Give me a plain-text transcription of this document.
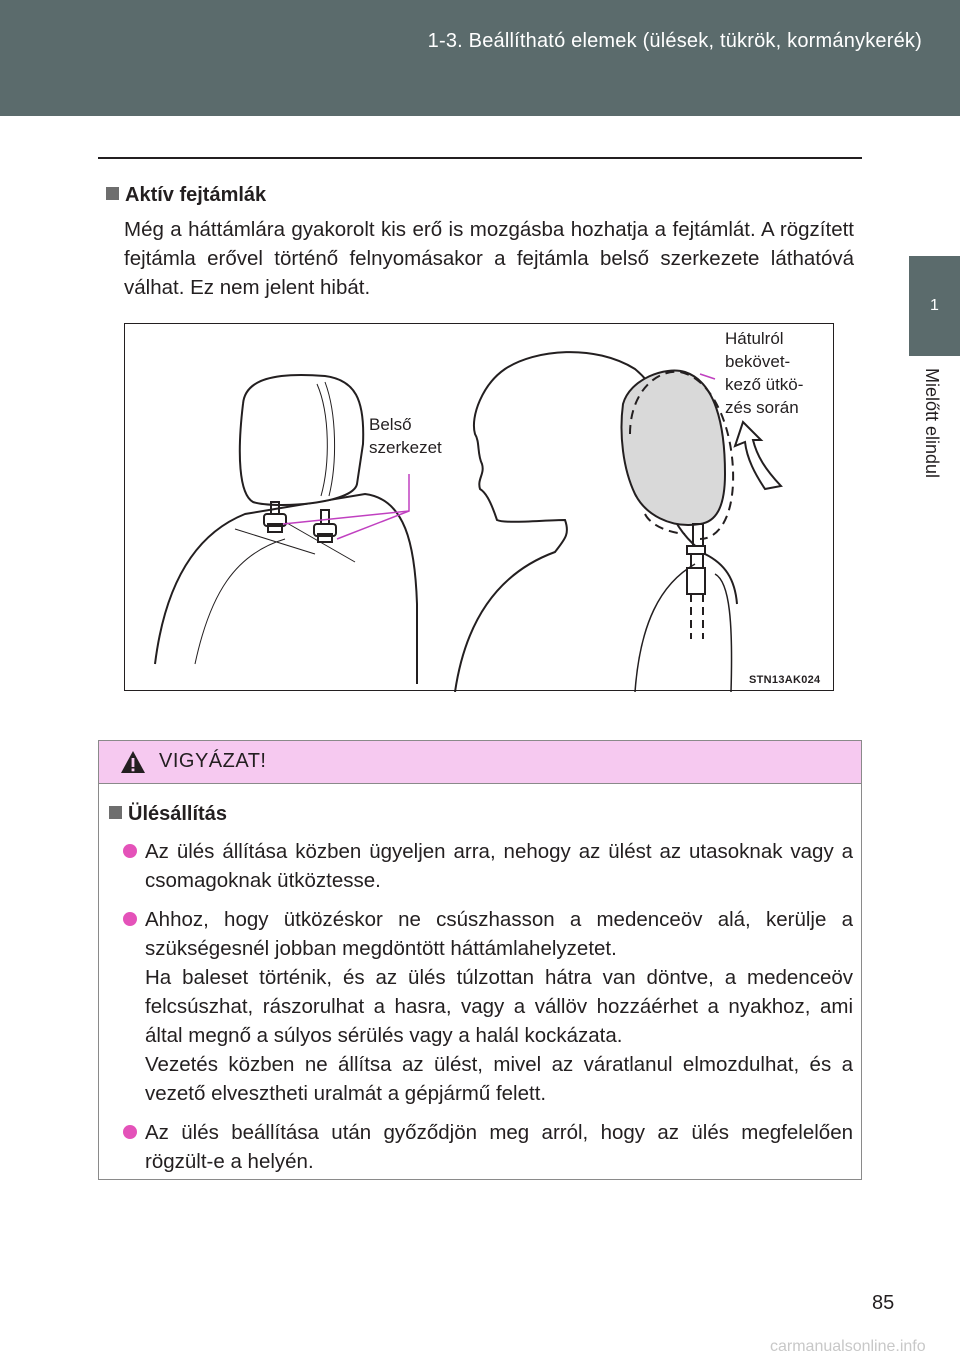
1-3. Beállítható elemek (ülések, tükrök, kormánykerék)
1
Mielőtt elindul
Aktív fejtámlák
Még a háttámlára gyakorolt kis erő is mozgásba hozhatja a fejtámlát. A rögzített fejtámla erővel történő felnyomásakor a fejtámla belső szerkezete láthatóvá válhat. Ez nem jelent hibát.
Belső
szerkezet
Hátulról
bekövet-
kező ütkö-
zés során
STN13AK024
VIGYÁZAT!
Ülésállítás

Az ülés állítása közben ügyeljen arra, nehogy az ülést az utasoknak vagy a csomagoknak ütköztesse.

Ahhoz, hogy ütközéskor ne csúszhasson a medenceöv alá, kerülje a szükségesnél jobban megdöntött háttámlahelyzetet.

Ha baleset történik, és az ülés túlzottan hátra van döntve, a medenceöv felcsúszhat, rászorulhat a hasra, vagy a vállöv hozzáérhet a nyakhoz, ami által megnő a súlyos sérülés vagy a halál kockázata.

Vezetés közben ne állítsa az ülést, mivel az váratlanul elmozdulhat, és a vezető elvesztheti uralmát a gépjármű felett.

Az ülés beállítása után győződjön meg arról, hogy az ülés megfelelően rögzült-e a helyén.

85
carmanualsonline.info
